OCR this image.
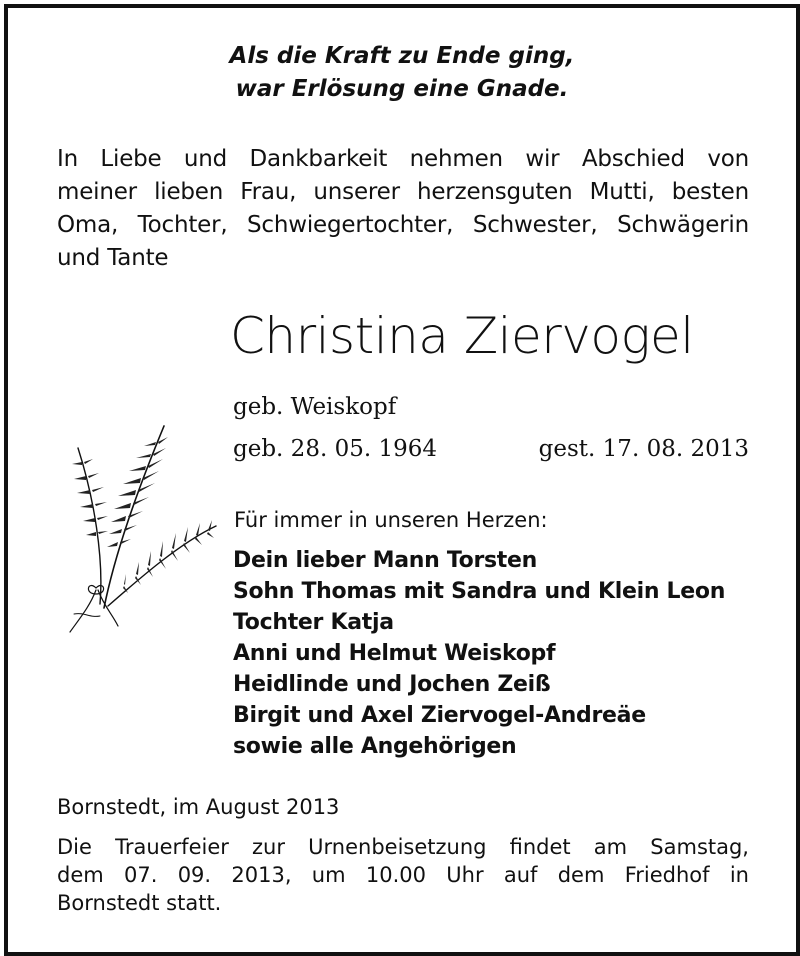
Als die Kraft zu Ende ging,
war Erlösung eine Gnade.
In Liebe und Dankbarkeit nehmen wir Abschied von
meiner lieben Frau, unserer herzensguten Mutti, besten
Oma, Tochter, Schwiegertochter, Schwester, Schwägerin
und Tante
Christina Ziervogel
geb. Weiskopf
geb. 28. 05. 1964	gest. 17. 08. 2013
Für immer in unseren Herzen:
Dein lieber Mann Torsten
Sohn Thomas mit Sandra und Klein Leon
Tochter Katja
Anni und Helmut Weiskopf
Heidlinde und Jochen Zeiß
Birgit und Axel Ziervogel-Andreäe
sowie alle Angehörigen
Bornstedt, im August 2013
Die Trauerfeier zur Urnenbeisetzung findet am Samstag,
dem 07. 09. 2013, um 10.00 Uhr auf dem Friedhof in
Bornstedt statt.
